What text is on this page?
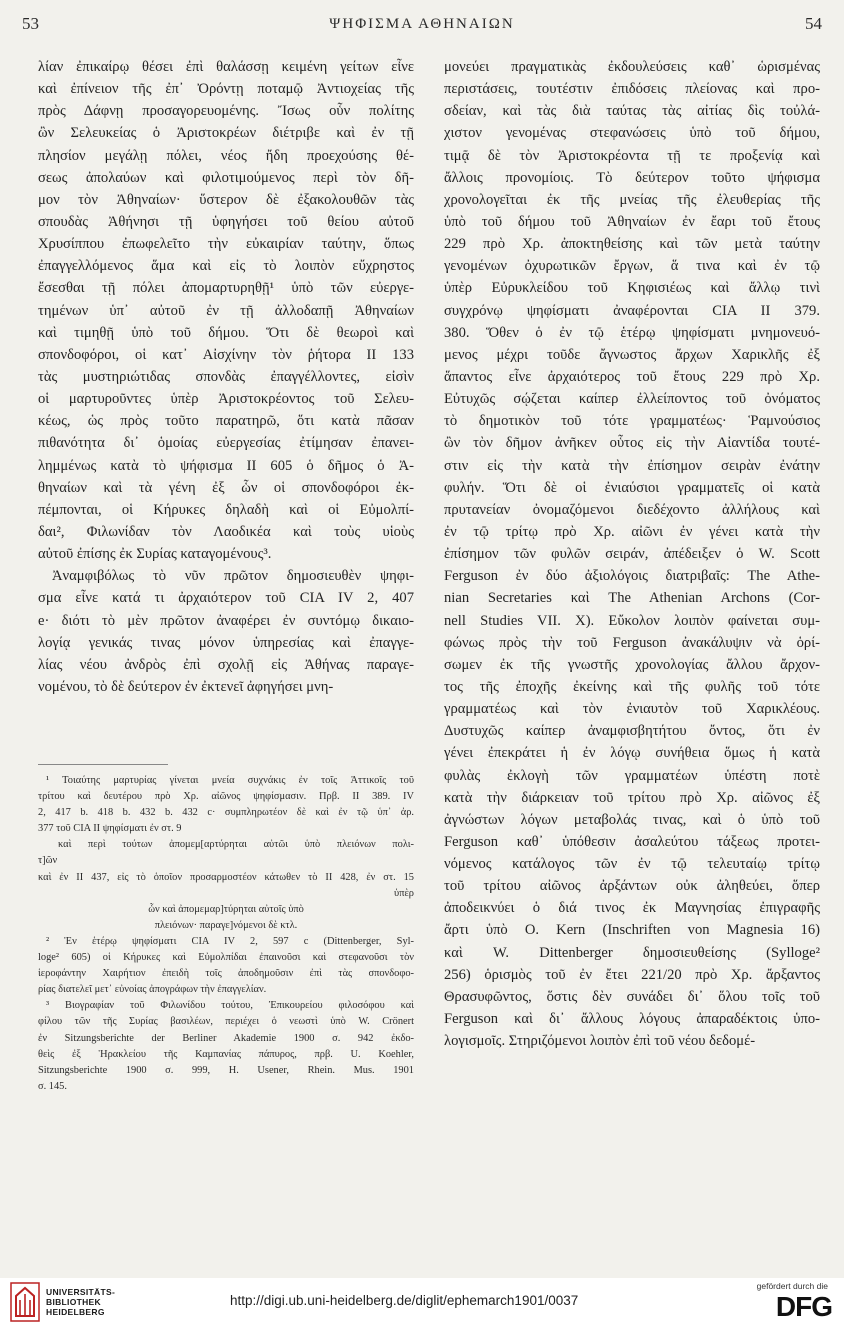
53	ΨΗΦΙΣΜΑ ΑΘΗΝΑΙΩΝ	54
λίαν ἐπικαίρῳ θέσει ἐπὶ θαλάσσῃ κειμένη γείτων εἶνε
καὶ ἐπίνειον τῆς ἐπ᾽ Ὀρόντῃ ποταμῷ Ἀντιοχείας τῆς
πρὸς Δάφνῃ προσαγορευομένης. Ἴσως οὗν πολίτης
ὢν Σελευκείας ὁ Ἀριστοκρέων διέτριβε καὶ ἐν τῇ
πλησίον μεγάλῃ πόλει, νέος ἤδη προεχούσης θέ-
σεως ἀπολαύων καὶ φιλοτιμούμενος περὶ τὸν δῆ-
μον τὸν Ἀθηναίων· ὕστερον δὲ ἐξακολουθῶν τὰς
σπουδὰς Ἀθήνησι τῇ ὑφηγήσει τοῦ θείου αὐτοῦ
Χρυσίππου ἐπωφελεῖτο τὴν εὐκαιρίαν ταύτην, ὅπως
ἐπαγγελλόμενος ἅμα καὶ εἰς τὸ λοιπὸν εὔχρηστος
ἔσεσθαι τῇ πόλει ἀπομαρτυρηθῇ¹ ὑπὸ τῶν εὐεργε-
τημένων ὑπ᾽ αὐτοῦ ἐν τῇ ἀλλοδαπῇ Ἀθηναίων
καὶ τιμηθῇ ὑπὸ τοῦ δήμου. Ὅτι δὲ θεωροὶ καὶ
σπονδοφόροι, οἱ κατ᾽ Αἰσχίνην τὸν ῥήτορα II 133
τὰς μυστηριώτιδας σπονδὰς ἐπαγγέλλοντες, εἰσὶν
οἱ μαρτυροῦντες ὑπὲρ Ἀριστοκρέοντος τοῦ Σελευ-
κέως, ὡς πρὸς τοῦτο παρατηρῶ, ὅτι κατὰ πᾶσαν
πιθανότητα δι᾽ ὁμοίας εὐεργεσίας ἐτίμησαν ἐπανει-
λημμένως κατὰ τὸ ψήφισμα II 605 ὁ δῆμος ὁ Ἀ-
θηναίων καὶ τὰ γένη ἐξ ὧν οἱ σπονδοφόροι ἐκ-
πέμπονται, οἱ Κήρυκες δηλαδὴ καὶ οἱ Εὐμολπί-
δαι², Φιλωνίδαν τὸν Λαοδικέα καὶ τοὺς υἱοὺς
αὐτοῦ ἐπίσης ἐκ Συρίας καταγομένους³.
Ἀναμφιβόλως τὸ νῦν πρῶτον δημοσιευθὲν ψηφι-
σμα εἶνε κατά τι ἀρχαιότερον τοῦ CIA IV 2, 407
e· διότι τὸ μὲν πρῶτον ἀναφέρει ἐν συντόμῳ δικαιο-
λογίᾳ γενικάς τινας μόνον ὑπηρεσίας καὶ ἐπαγγε-
λίας νέου ἀνδρὸς ἐπὶ σχολῇ εἰς Ἀθήνας παραγε-
νομένου, τὸ δὲ δεύτερον ἐν ἐκτενεῖ ἀφηγήσει μνη-
¹ Τοιαύτης μαρτυρίας γίνεται μνεία συχνάκις ἐν τοῖς Ἀττικοῖς τοῦ
τρίτου καὶ δευτέρου πρὸ Χρ. αἰῶνος ψηφίσμασιν. Πρβ. II 389. IV
2, 417 b. 418 b. 432 b. 432 c· συμπληρωτέον δὲ καὶ ἐν τῷ ὑπ᾽ ἀρ.
377 τοῦ CIA II ψηφίσματι ἐν στ. 9
καὶ περὶ τούτων ἀπομεμ[αρτύρηται αὐτῶι ὑπὸ πλειόνων πολι-
τ]ῶν
καὶ ἐν II 437, εἰς τὸ ὁποῖον προσαρμοστέον κάτωθεν τὸ II 428, ἐν στ. 15
ὑπὲρ
ὧν καὶ ἀπομεμαρ]τύρηται αὐτοῖς ὑπὸ
πλειόνων· παραγε]νόμενοι δὲ κτλ.
² Ἐν ἑτέρῳ ψηφίσματι CIA IV 2, 597 c (Dittenberger, Syl-
loge² 605) οἱ Κήρυκες καὶ Εὐμολπίδαι ἐπαινοῦσι καὶ στεφανοῦσι τὸν
ἱεροφάντην Χαιρήτιον ἐπειδὴ τοῖς ἀποδημοῦσιν ἐπὶ τὰς σπονδοφο-
ρίας διατελεῖ μετ᾽ εὐνοίας ἀπογράφων τὴν ἐπαγγελίαν.
³ Βιογραφίαν τοῦ Φιλωνίδου τούτου, Ἐπικουρείου φιλοσόφου καὶ
φίλου τῶν τῆς Συρίας βασιλέων, περιέχει ὁ νεωστὶ ὑπὸ W. Crönert
ἐν Sitzungsberichte der Berliner Akademie 1900 σ. 942 ἐκδο-
θεὶς ἐξ Ἡρακλείου τῆς Καμπανίας πάπυρος, πρβ. U. Koehler,
Sitzungsberichte 1900 σ. 999, H. Usener, Rhein. Mus. 1901
σ. 145.
μονεύει πραγματικὰς ἐκδουλεύσεις καθ᾽ ὡρισμένας
περιστάσεις, τουτέστιν ἐπιδόσεις πλείονας καὶ προ-
σδείαν, καὶ τὰς διὰ ταύτας τὰς αἰτίας δὶς τοὐλά-
χιστον γενομένας στεφανώσεις ὑπὸ τοῦ δήμου,
τιμᾷ δὲ τὸν Ἀριστοκρέοντα τῇ τε προξενίᾳ καὶ
ἄλλοις προνομίοις. Τὸ δεύτερον τοῦτο ψήφισμα
χρονολογεῖται ἐκ τῆς μνείας τῆς ἐλευθερίας τῆς
ὑπὸ τοῦ δήμου τοῦ Ἀθηναίων ἐν ἔαρι τοῦ ἔτους
229 πρὸ Χρ. ἀποκτηθείσης καὶ τῶν μετὰ ταύτην
γενομένων ὀχυρωτικῶν ἔργων, ἅ τινα καὶ ἐν τῷ
ὑπὲρ Εὐρυκλείδου τοῦ Κηφισιέως καὶ ἄλλῳ τινὶ
συγχρόνῳ ψηφίσματι ἀναφέρονται CIA II 379.
380. Ὅθεν ὁ ἐν τῷ ἑτέρῳ ψηφίσματι μνημονευό-
μενος μέχρι τοῦδε ἄγνωστος ἄρχων Χαρικλῆς ἐξ
ἅπαντος εἶνε ἀρχαιότερος τοῦ ἔτους 229 πρὸ Χρ.
Εὐτυχῶς σῴζεται καίπερ ἐλλείποντος τοῦ ὀνόματος
τὸ δημοτικὸν τοῦ τότε γραμματέως· Ῥαμνούσιος
ὢν τὸν δῆμον ἀνῆκεν οὗτος εἰς τὴν Αἰαντίδα τουτέ-
στιν εἰς τὴν κατὰ τὴν ἐπίσημον σειρὰν ἐνάτην
φυλήν. Ὅτι δὲ οἱ ἐνιαύσιοι γραμματεῖς οἱ κατὰ
πρυτανείαν ὀνομαζόμενοι διεδέχοντο ἀλλήλους καὶ
ἐν τῷ τρίτῳ πρὸ Χρ. αἰῶνι ἐν γένει κατὰ τὴν
ἐπίσημον τῶν φυλῶν σειράν, ἀπέδειξεν ὁ W. Scott
Ferguson ἐν δύο ἀξιολόγοις διατριβαῖς: The Athe-
nian Secretaries καὶ The Athenian Archons (Cor-
nell Studies VII. X). Εὔκολον λοιπὸν φαίνεται συμ-
φώνως πρὸς τὴν τοῦ Ferguson ἀνακάλυψιν νὰ ὁρί-
σωμεν ἐκ τῆς γνωστῆς χρονολογίας ἄλλου ἄρχον-
τος τῆς ἐποχῆς ἐκείνης καὶ τῆς φυλῆς τοῦ τότε
γραμματέως καὶ τὸν ἐνιαυτὸν τοῦ Χαρικλέους.
Δυστυχῶς καίπερ ἀναμφισβητήτου ὄντος, ὅτι ἐν
γένει ἐπεκράτει ἡ ἐν λόγῳ συνήθεια ὅμως ἡ κατὰ
φυλὰς ἐκλογὴ τῶν γραμματέων ὑπέστη ποτὲ
κατὰ τὴν διάρκειαν τοῦ τρίτου πρὸ Χρ. αἰῶνος ἐξ
ἀγνώστων λόγων μεταβολάς τινας, καὶ ὁ ὑπὸ τοῦ
Ferguson καθ᾽ ὑπόθεσιν ἀσαλεύτου τάξεως προτει-
νόμενος κατάλογος τῶν ἐν τῷ τελευταίῳ τρίτῳ
τοῦ τρίτου αἰῶνος ἀρξάντων οὐκ ἀληθεύει, ὅπερ
ἀποδεικνύει ὁ διά τινος ἐκ Μαγνησίας ἐπιγραφῆς
ἄρτι ὑπὸ O. Kern (Inschriften von Magnesia 16)
καὶ W. Dittenberger δημοσιευθείσης (Sylloge²
256) ὁρισμὸς τοῦ ἐν ἔτει 221/20 πρὸ Χρ. ἄρξαντος
Θρασυφῶντος, ὅστις δὲν συνάδει δι᾽ ὅλου τοῖς τοῦ
Ferguson καὶ δι᾽ ἄλλους λόγους ἀπαραδέκτοις ὑπο-
λογισμοῖς. Στηριζόμενοι λοιπὸν ἐπὶ τοῦ νέου δεδομέ-
UNIVERSITÄTS-
BIBLIOTHEK
HEIDELBERG
http://digi.ub.uni-heidelberg.de/diglit/ephemarch1901/0037
gefördert durch die
DFG
